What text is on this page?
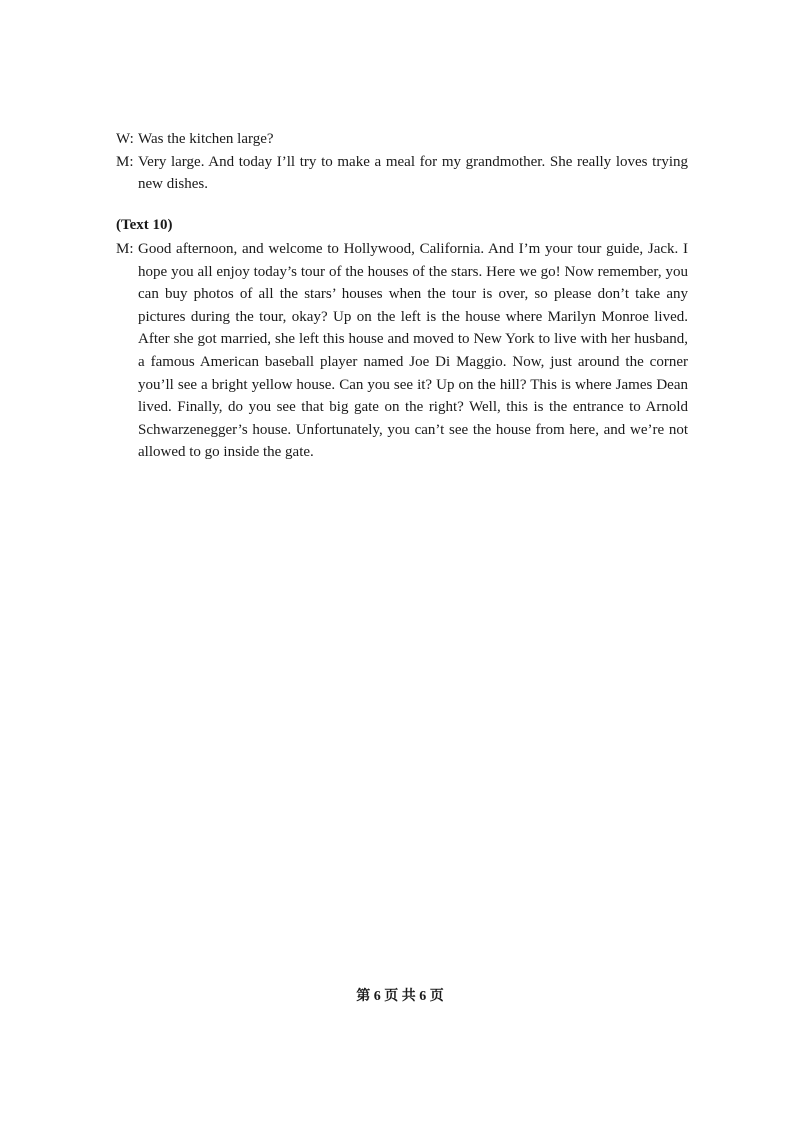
W: Was the kitchen large?

M: Very large. And today I’ll try to make a meal for my grandmother. She really loves trying new dishes.

(Text 10)

M: Good afternoon, and welcome to Hollywood, California. And I’m your tour guide, Jack. I hope you all enjoy today’s tour of the houses of the stars. Here we go! Now remember, you can buy photos of all the stars’ houses when the tour is over, so please don’t take any pictures during the tour, okay? Up on the left is the house where Marilyn Monroe lived. After she got married, she left this house and moved to New York to live with her husband, a famous American baseball player named Joe Di Maggio. Now, just around the corner you’ll see a bright yellow house. Can you see it? Up on the hill? This is where James Dean lived. Finally, do you see that big gate on the right? Well, this is the entrance to Arnold Schwarzenegger’s house. Unfortunately, you can’t see the house from here, and we’re not allowed to go inside the gate.

第 6 页 共 6 页
